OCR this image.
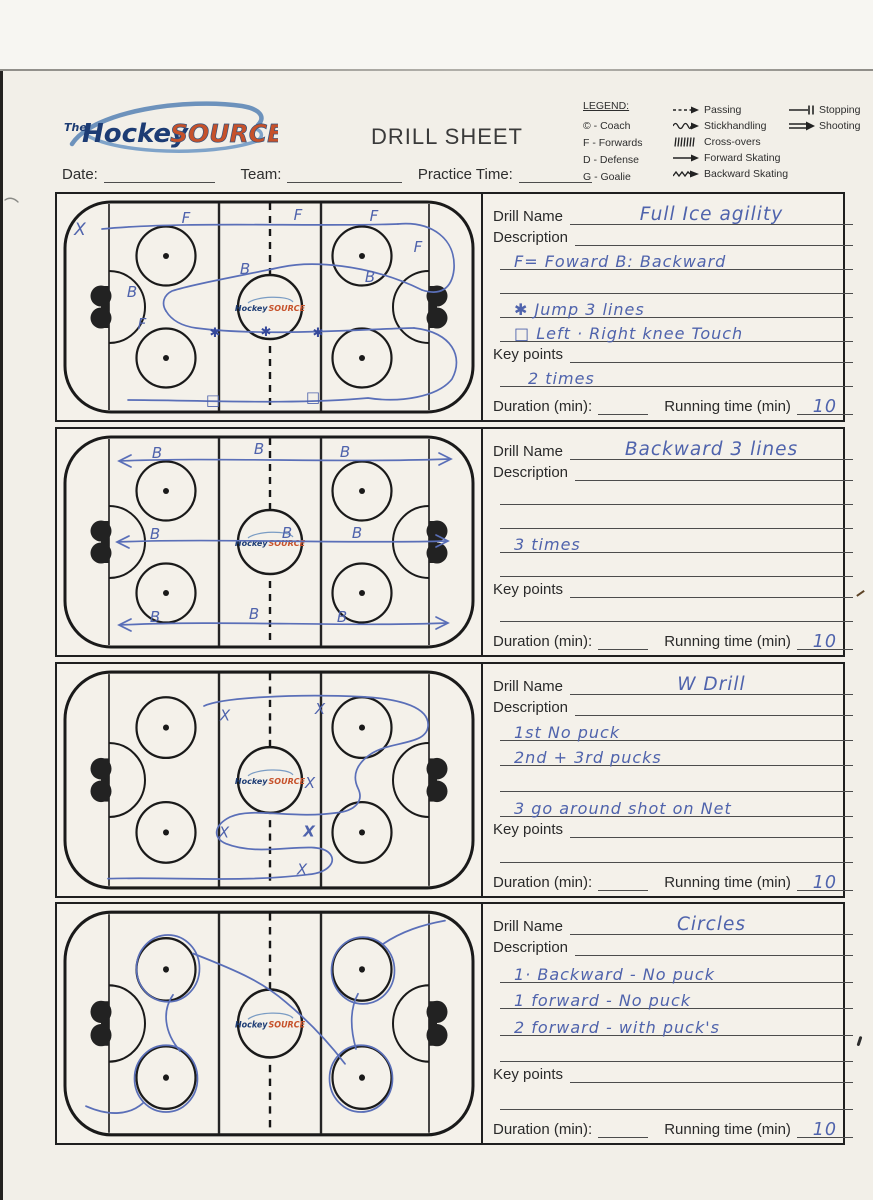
The
Hockey
SOURCE	DRILL SHEET
LEGEND:
© - Coach
F - Forwards
D - Defense
G - Goalie
Passing
Stickhandling
Cross-overs
Forward Skating
Backward Skating
Stopping
Shooting
Date:	Team:	Practice Time:
X
F	F	F
F
B	B
B
F
✱	✱	✱
□	□
Drill Name	Full Ice agility
Description
F= Foward B: Backward
✱ Jump 3 lines
□ Left · Right knee Touch
Key points
2 times
Duration (min):	Running time (min)	10
B	B	B
B	B	B
B	B	B
Drill Name	Backward 3 lines
Description
3 times
Key points
Duration (min):	Running time (min)	10
X	X
X
X	X
X
Drill Name	W Drill
Description
1st No puck
2nd + 3rd pucks
3 go around shot on Net
Key points
Duration (min):	Running time (min)	10
Drill Name	Circles
Description
1· Backward - No puck
1 forward - No puck
2 forward - with puck's
Key points
Duration (min):	Running time (min)	10
